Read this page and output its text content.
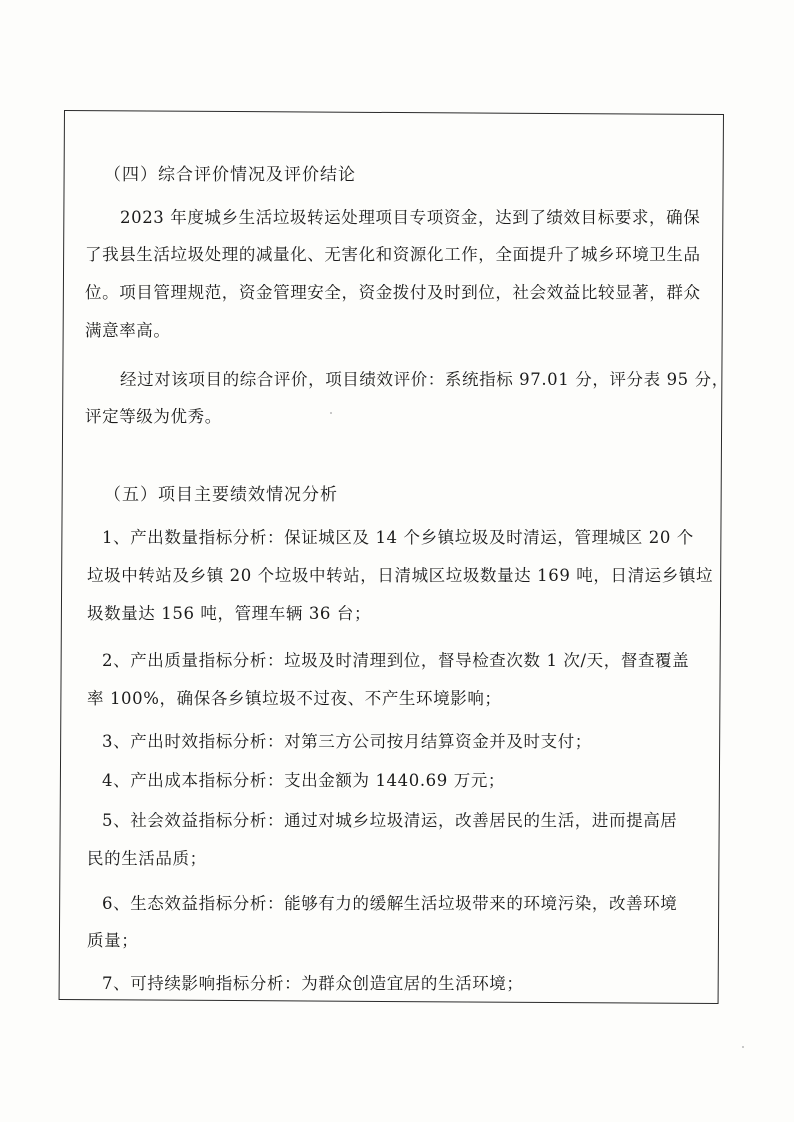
（四）综合评价情况及评价结论
2023 年度城乡生活垃圾转运处理项目专项资金，达到了绩效目标要求，确保
了我县生活垃圾处理的减量化、无害化和资源化工作，全面提升了城乡环境卫生品
位。项目管理规范，资金管理安全，资金拨付及时到位，社会效益比较显著，群众
满意率高。
经过对该项目的综合评价，项目绩效评价：系统指标 97.01 分，评分表 95 分，
评定等级为优秀。
（五）项目主要绩效情况分析
1、产出数量指标分析：保证城区及 14 个乡镇垃圾及时清运，管理城区 20 个
垃圾中转站及乡镇 20 个垃圾中转站，日清城区垃圾数量达 169 吨，日清运乡镇垃
圾数量达 156 吨，管理车辆 36 台；
2、产出质量指标分析：垃圾及时清理到位，督导检查次数 1 次/天，督查覆盖
率 100%，确保各乡镇垃圾不过夜、不产生环境影响；
3、产出时效指标分析：对第三方公司按月结算资金并及时支付；
4、产出成本指标分析：支出金额为 1440.69 万元；
5、社会效益指标分析：通过对城乡垃圾清运，改善居民的生活，进而提高居
民的生活品质；
6、生态效益指标分析：能够有力的缓解生活垃圾带来的环境污染，改善环境
质量；
7、可持续影响指标分析：为群众创造宜居的生活环境；
